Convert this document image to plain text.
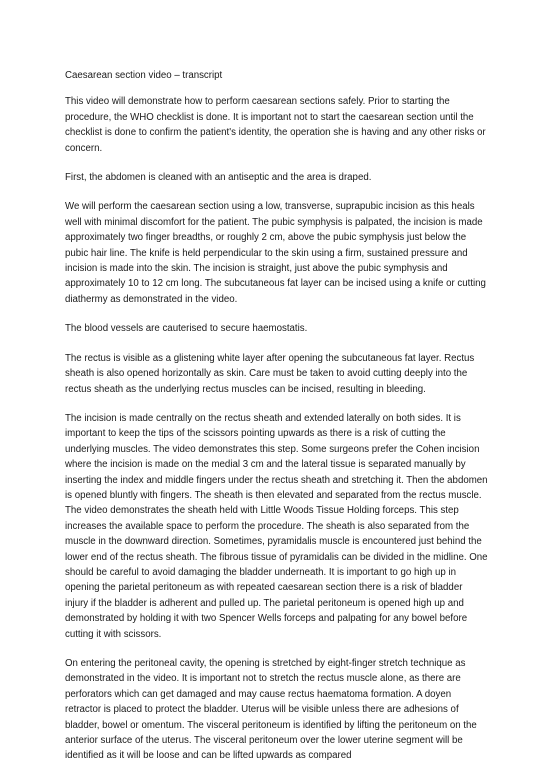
Caesarean section video – transcript

This video will demonstrate how to perform caesarean sections safely. Prior to starting the procedure, the WHO checklist is done. It is important not to start the caesarean section until the checklist is done to confirm the patient's identity, the operation she is having and any other risks or concern.

First, the abdomen is cleaned with an antiseptic and the area is draped.

We will perform the caesarean section using a low, transverse, suprapubic incision as this heals well with minimal discomfort for the patient. The pubic symphysis is palpated, the incision is made approximately two finger breadths, or roughly 2 cm, above the pubic symphysis just below the pubic hair line. The knife is held perpendicular to the skin using a firm, sustained pressure and incision is made into the skin. The incision is straight, just above the pubic symphysis and approximately 10 to 12 cm long. The subcutaneous fat layer can be incised using a knife or cutting diathermy as demonstrated in the video.

The blood vessels are cauterised to secure haemostatis.

The rectus is visible as a glistening white layer after opening the subcutaneous fat layer. Rectus sheath is also opened horizontally as skin. Care must be taken to avoid cutting deeply into the rectus sheath as the underlying rectus muscles can be incised, resulting in bleeding.

The incision is made centrally on the rectus sheath and extended laterally on both sides. It is important to keep the tips of the scissors pointing upwards as there is a risk of cutting the underlying muscles. The video demonstrates this step. Some surgeons prefer the Cohen incision where the incision is made on the medial 3 cm and the lateral tissue is separated manually by inserting the index and middle fingers under the rectus sheath and stretching it. Then the abdomen is opened bluntly with fingers. The sheath is then elevated and separated from the rectus muscle. The video demonstrates the sheath held with Little Woods Tissue Holding forceps. This step increases the available space to perform the procedure. The sheath is also separated from the muscle in the downward direction. Sometimes, pyramidalis muscle is encountered just behind the lower end of the rectus sheath. The fibrous tissue of pyramidalis can be divided in the midline. One should be careful to avoid damaging the bladder underneath. It is important to go high up in opening the parietal peritoneum as with repeated caesarean section there is a risk of bladder injury if the bladder is adherent and pulled up. The parietal peritoneum is opened high up and demonstrated by holding it with two Spencer Wells forceps and palpating for any bowel before cutting it with scissors.

On entering the peritoneal cavity, the opening is stretched by eight-finger stretch technique as demonstrated in the video. It is important not to stretch the rectus muscle alone, as there are perforators which can get damaged and may cause rectus haematoma formation. A doyen retractor is placed to protect the bladder. Uterus will be visible unless there are adhesions of bladder, bowel or omentum. The visceral peritoneum is identified by lifting the peritoneum on the anterior surface of the uterus. The visceral peritoneum over the lower uterine segment will be identified as it will be loose and can be lifted upwards as compared
